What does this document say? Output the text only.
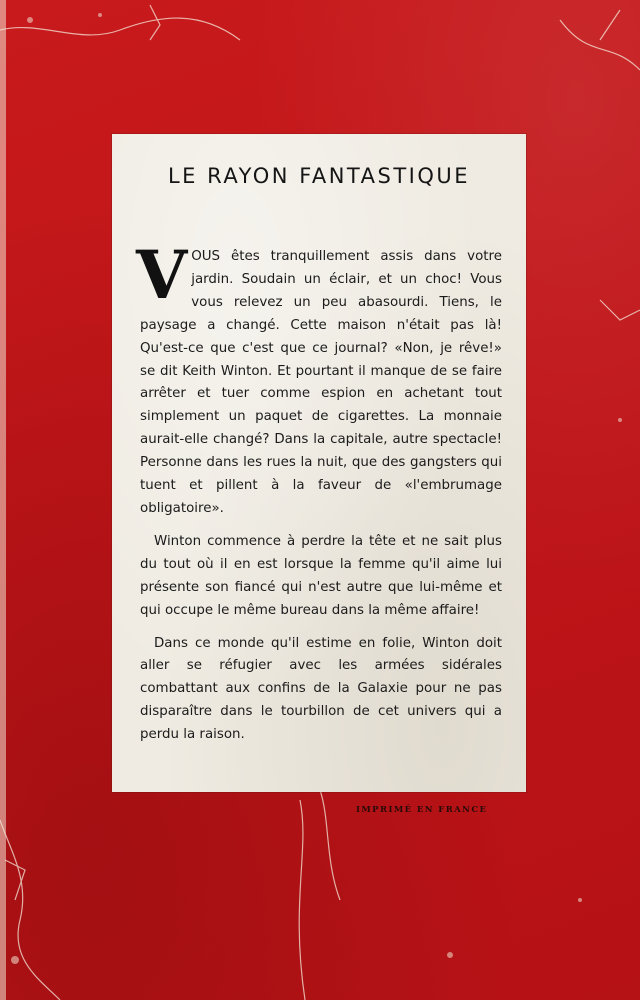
LE RAYON FANTASTIQUE

VOUS êtes tranquillement assis dans votre jardin. Soudain un éclair, et un choc! Vous vous relevez un peu abasourdi. Tiens, le paysage a changé. Cette maison n'était pas là! Qu'est-ce que c'est que ce journal? «Non, je rêve!» se dit Keith Winton. Et pourtant il manque de se faire arrêter et tuer comme espion en achetant tout simplement un paquet de cigarettes. La monnaie aurait-elle changé? Dans la capitale, autre spectacle! Personne dans les rues la nuit, que des gangsters qui tuent et pillent à la faveur de «l'embrumage obligatoire».

Winton commence à perdre la tête et ne sait plus du tout où il en est lorsque la femme qu'il aime lui présente son fiancé qui n'est autre que lui-même et qui occupe le même bureau dans la même affaire!

Dans ce monde qu'il estime en folie, Winton doit aller se réfugier avec les armées sidérales combattant aux confins de la Galaxie pour ne pas disparaître dans le tourbillon de cet univers qui a perdu la raison.

IMPRIMÉ EN FRANCE
